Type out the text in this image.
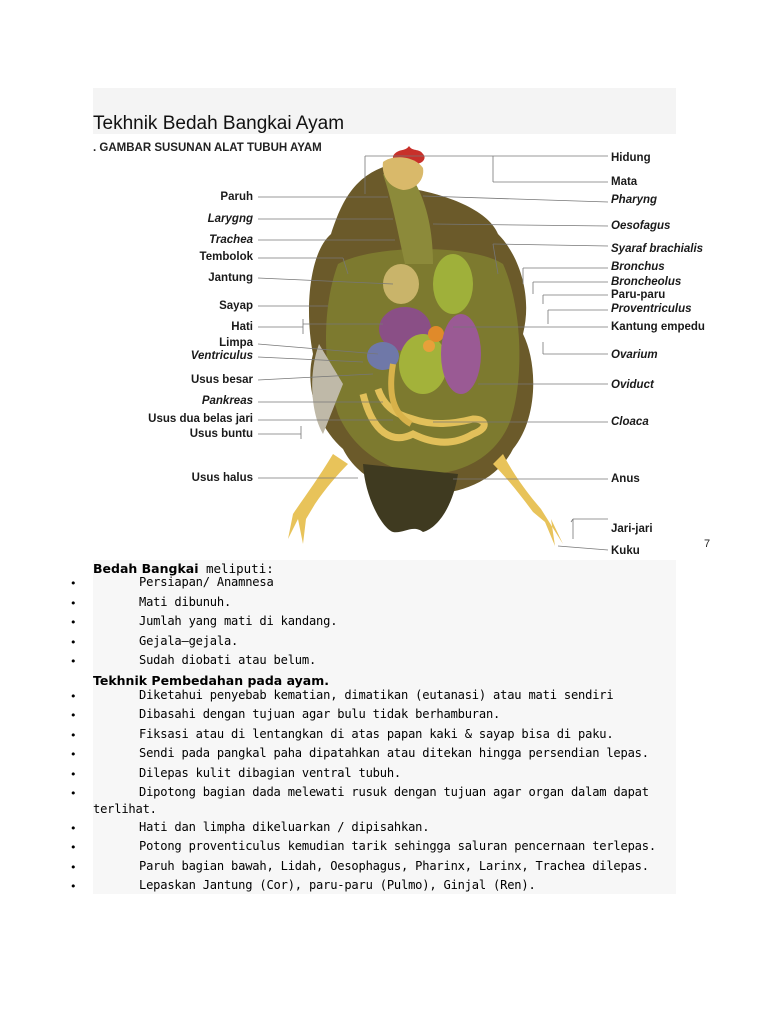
Tekhnik Bedah Bangkai Ayam
. GAMBAR SUSUNAN ALAT TUBUH AYAM
Paruh
Larygng
Trachea
Tembolok
Jantung
Sayap
Hati
Limpa
Ventriculus
Usus besar
Pankreas
Usus dua belas jari
Usus buntu
Usus halus
Hidung
Mata
Pharyng
Oesofagus
Syaraf brachialis
Bronchus
Broncheolus
Paru-paru
Proventriculus
Kantung empedu
Ovarium
Oviduct
Cloaca
Anus
Jari-jari
Kuku
7
Bedah Bangkai meliputi:
•	Persiapan/ Anamnesa
•	Mati dibunuh.
•	Jumlah yang mati di kandang.
•	Gejala–gejala.
•	Sudah diobati atau belum.
Tekhnik Pembedahan pada ayam.
•	Diketahui penyebab kematian, dimatikan (eutanasi) atau mati sendiri
•	Dibasahi dengan tujuan agar bulu tidak berhamburan.
•	Fiksasi atau di lentangkan di atas papan kaki & sayap bisa di paku.
•	Sendi pada pangkal paha dipatahkan atau ditekan hingga persendian lepas.
•	Dilepas kulit dibagian ventral tubuh.
•	Dipotong bagian dada melewati rusuk dengan tujuan agar organ dalam dapat terlihat.
•	Hati dan limpha dikeluarkan / dipisahkan.
•	Potong proventiculus kemudian tarik sehingga saluran pencernaan terlepas.
•	Paruh bagian bawah, Lidah, Oesophagus, Pharinx, Larinx, Trachea dilepas.
•	Lepaskan Jantung (Cor), paru-paru (Pulmo), Ginjal (Ren).
